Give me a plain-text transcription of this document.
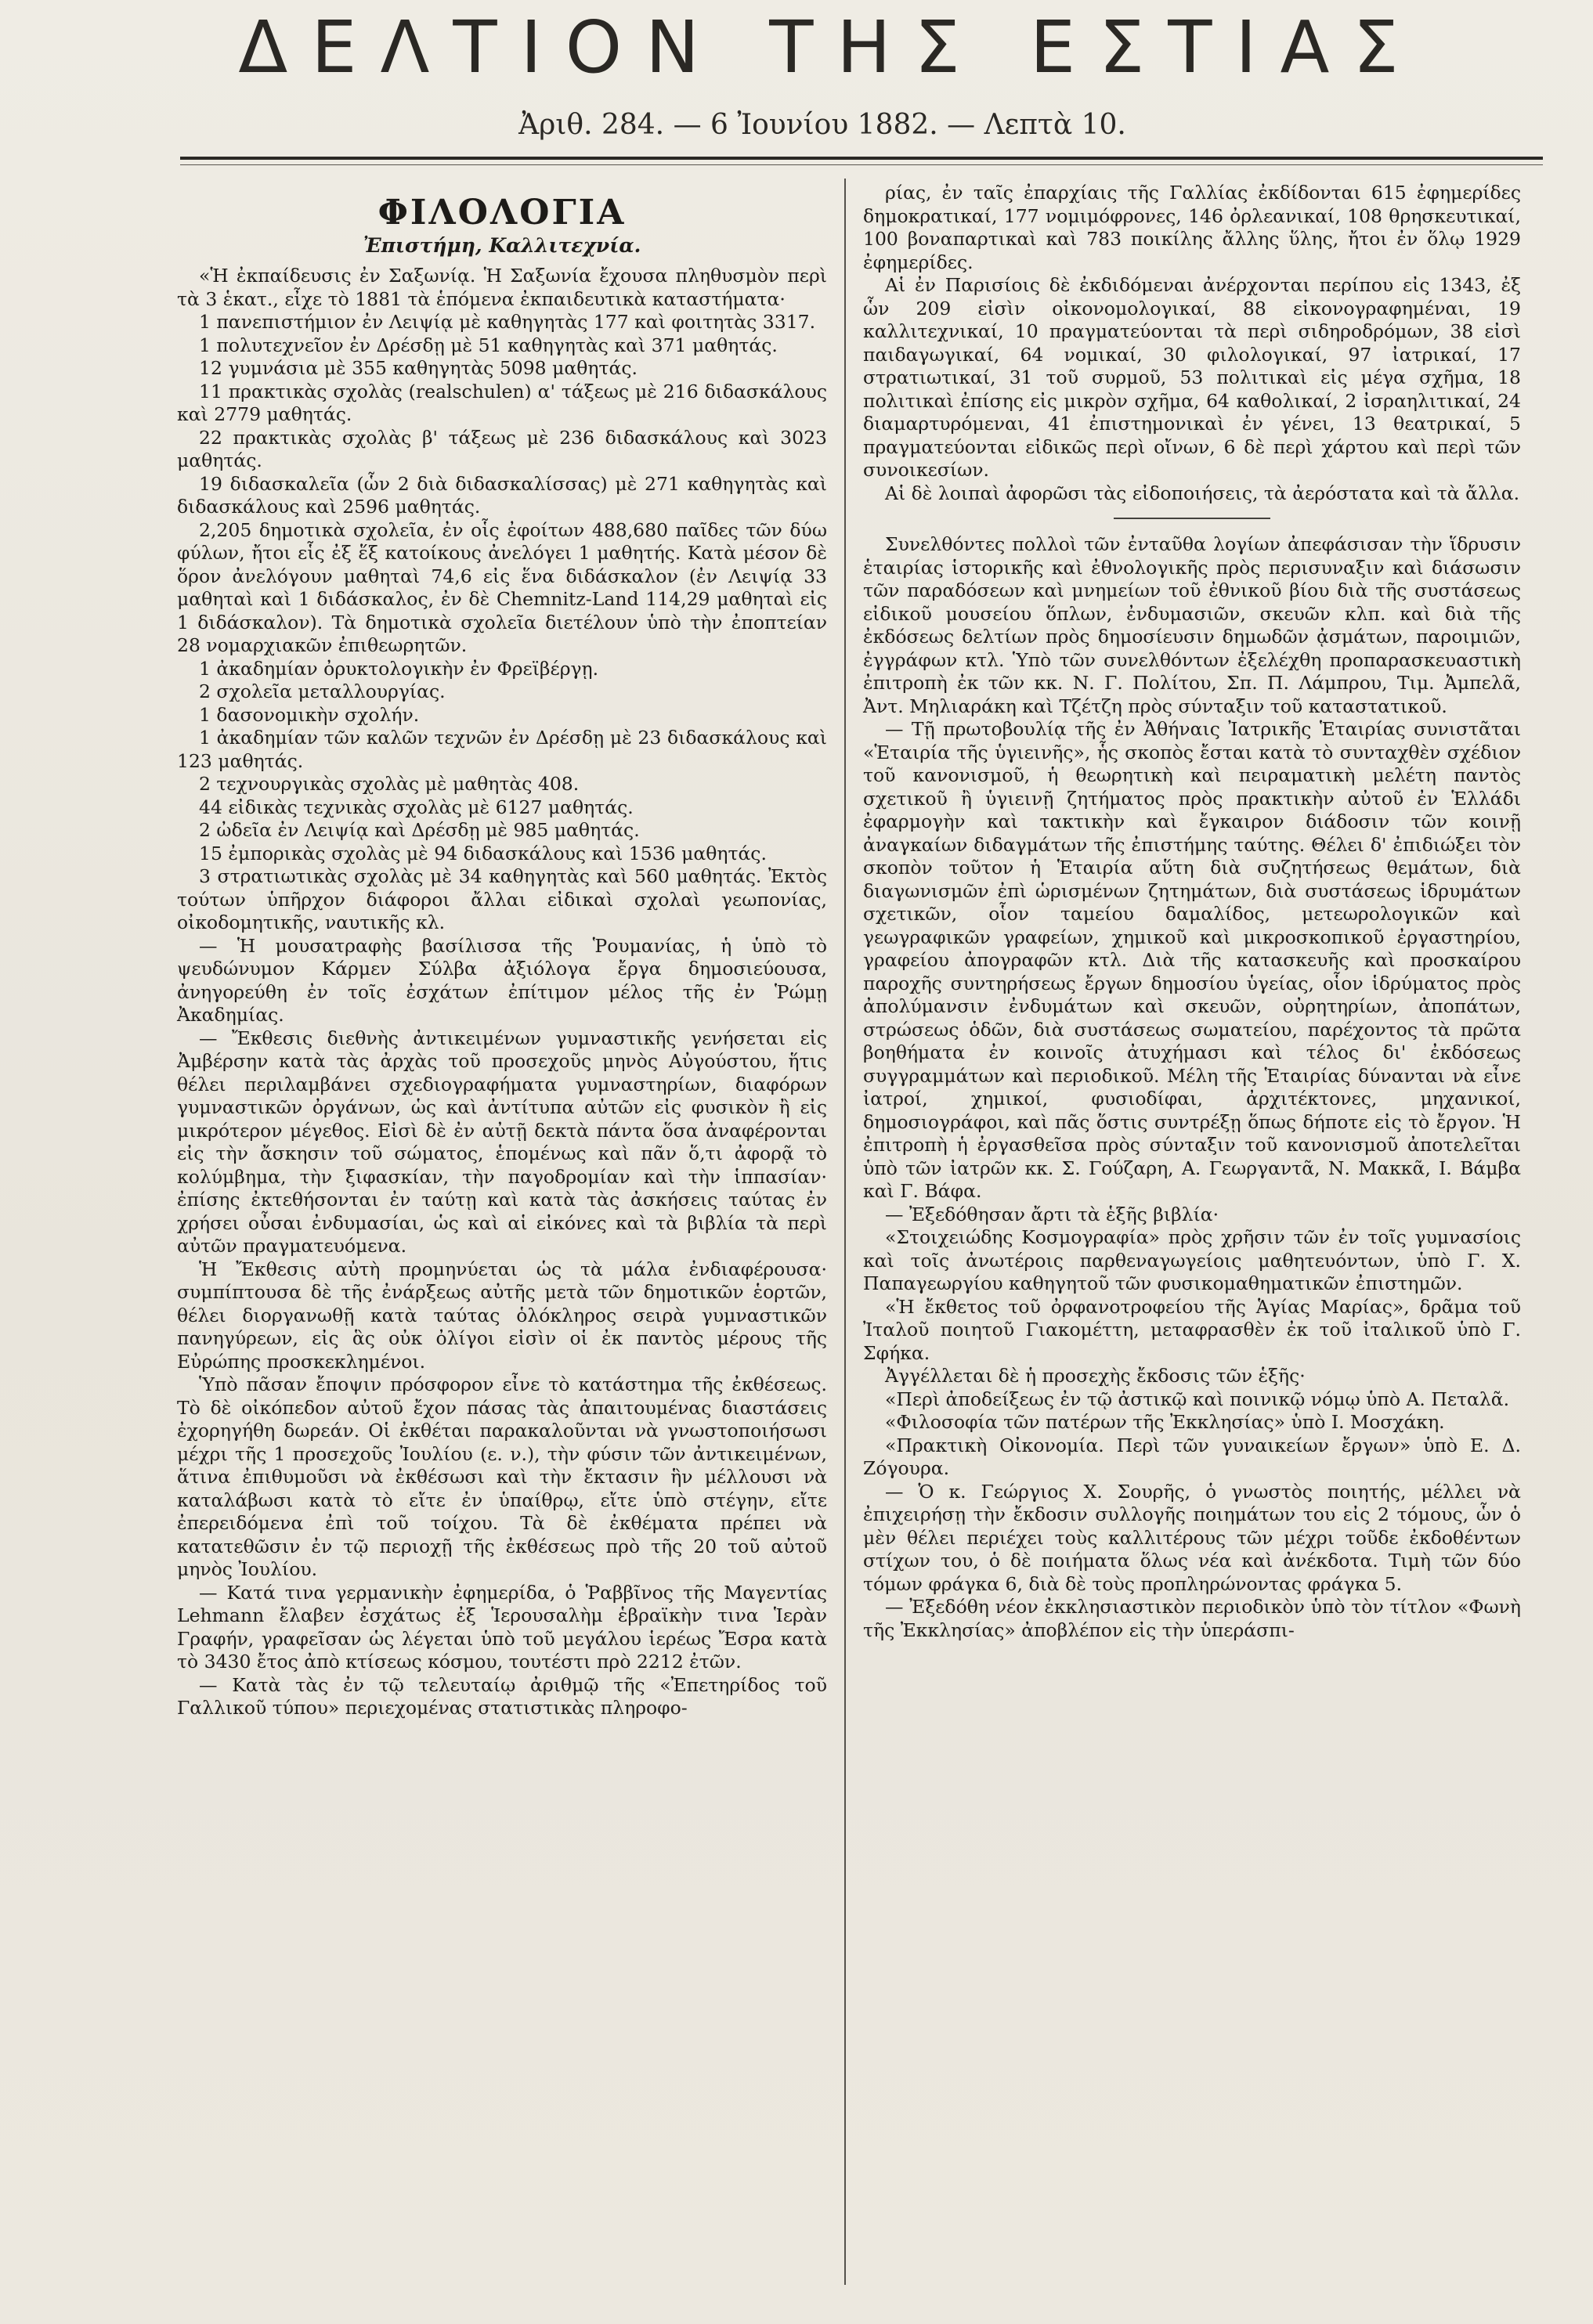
ΔΕΛΤΙΟΝ ΤΗΣ ΕΣΤΙΑΣ
Ἀριθ. 284. — 6 Ἰουνίου 1882. — Λεπτὰ 10.
ΦΙΛΟΛΟΓΙΑ
Ἐπιστήμη, Καλλιτεχνία.

«Ἡ ἐκπαίδευσις ἐν Σαξωνίᾳ. Ἡ Σαξωνία ἔχουσα πληθυσμὸν περὶ τὰ 3 ἑκατ., εἶχε τὸ 1881 τὰ ἑπόμενα ἐκπαιδευτικὰ καταστήματα·

1 πανεπιστήμιον ἐν Λειψίᾳ μὲ καθηγητὰς 177 καὶ φοιτητὰς 3317.

1 πολυτεχνεῖον ἐν Δρέσδῃ μὲ 51 καθηγητὰς καὶ 371 μαθητάς.

12 γυμνάσια μὲ 355 καθηγητὰς 5098 μαθητάς.

11 πρακτικὰς σχολὰς (realschulen) α' τάξεως μὲ 216 διδασκάλους καὶ 2779 μαθητάς.

22 πρακτικὰς σχολὰς β' τάξεως μὲ 236 διδασκάλους καὶ 3023 μαθητάς.

19 διδασκαλεῖα (ὧν 2 διὰ διδασκαλίσσας) μὲ 271 καθηγητὰς καὶ διδασκάλους καὶ 2596 μαθητάς.

2,205 δημοτικὰ σχολεῖα, ἐν οἷς ἐφοίτων 488,680 παῖδες τῶν δύω φύλων, ἤτοι εἷς ἐξ ἕξ κατοίκους ἀνελόγει 1 μαθητής. Κατὰ μέσον δὲ ὅρον ἀνελόγουν μαθηταὶ 74,6 εἰς ἕνα διδάσκαλον (ἐν Λειψίᾳ 33 μαθηταὶ καὶ 1 διδάσκαλος, ἐν δὲ Chemnitz-Land 114,29 μαθηταὶ εἰς 1 διδάσκαλον). Τὰ δημοτικὰ σχολεῖα διετέλουν ὑπὸ τὴν ἐποπτείαν 28 νομαρχιακῶν ἐπιθεωρητῶν.

1 ἀκαδημίαν ὀρυκτολογικὴν ἐν Φρεϊβέργῃ.

2 σχολεῖα μεταλλουργίας.

1 δασονομικὴν σχολήν.

1 ἀκαδημίαν τῶν καλῶν τεχνῶν ἐν Δρέσδῃ μὲ 23 διδασκάλους καὶ 123 μαθητάς.

2 τεχνουργικὰς σχολὰς μὲ μαθητὰς 408.

44 εἰδικὰς τεχνικὰς σχολὰς μὲ 6127 μαθητάς.

2 ὠδεῖα ἐν Λειψίᾳ καὶ Δρέσδῃ μὲ 985 μαθητάς.

15 ἐμπορικὰς σχολὰς μὲ 94 διδασκάλους καὶ 1536 μαθητάς.

3 στρατιωτικὰς σχολὰς μὲ 34 καθηγητὰς καὶ 560 μαθητάς. Ἐκτὸς τούτων ὑπῆρχον διάφοροι ἄλλαι εἰδικαὶ σχολαὶ γεωπονίας, οἰκοδομητικῆς, ναυτικῆς κλ.

— Ἡ μουσατραφὴς βασίλισσα τῆς Ῥουμανίας, ἡ ὑπὸ τὸ ψευδώνυμον Κάρμεν Σύλβα ἀξιόλογα ἔργα δημοσιεύουσα, ἀνηγορεύθη ἐν τοῖς ἐσχάτων ἐπίτιμον μέλος τῆς ἐν Ῥώμῃ Ἀκαδημίας.

— Ἔκθεσις διεθνὴς ἀντικειμένων γυμναστικῆς γενήσεται εἰς Ἀμβέρσην κατὰ τὰς ἀρχὰς τοῦ προσεχοῦς μηνὸς Αὐγούστου, ἥτις θέλει περιλαμβάνει σχεδιογραφήματα γυμναστηρίων, διαφόρων γυμναστικῶν ὀργάνων, ὡς καὶ ἀντίτυπα αὐτῶν εἰς φυσικὸν ἢ εἰς μικρότερον μέγεθος. Εἰσὶ δὲ ἐν αὐτῇ δεκτὰ πάντα ὅσα ἀναφέρονται εἰς τὴν ἄσκησιν τοῦ σώματος, ἑπομένως καὶ πᾶν ὅ,τι ἀφορᾷ τὸ κολύμβημα, τὴν ξιφασκίαν, τὴν παγοδρομίαν καὶ τὴν ἱππασίαν· ἐπίσης ἐκτεθήσονται ἐν ταύτῃ καὶ κατὰ τὰς ἀσκήσεις ταύτας ἐν χρήσει οὖσαι ἐνδυμασίαι, ὡς καὶ αἱ εἰκόνες καὶ τὰ βιβλία τὰ περὶ αὐτῶν πραγματευόμενα.

Ἡ Ἔκθεσις αὐτὴ προμηνύεται ὡς τὰ μάλα ἐνδιαφέρουσα· συμπίπτουσα δὲ τῆς ἐνάρξεως αὐτῆς μετὰ τῶν δημοτικῶν ἑορτῶν, θέλει διοργανωθῇ κατὰ ταύτας ὁλόκληρος σειρὰ γυμναστικῶν πανηγύρεων, εἰς ἃς οὐκ ὀλίγοι εἰσὶν οἱ ἐκ παντὸς μέρους τῆς Εὐρώπης προσκεκλημένοι.

Ὑπὸ πᾶσαν ἔποψιν πρόσφορον εἶνε τὸ κατάστημα τῆς ἐκθέσεως. Τὸ δὲ οἰκόπεδον αὐτοῦ ἔχον πάσας τὰς ἀπαιτουμένας διαστάσεις ἐχορηγήθη δωρεάν. Οἱ ἐκθέται παρακαλοῦνται νὰ γνωστοποιήσωσι μέχρι τῆς 1 προσεχοῦς Ἰουλίου (ε. ν.), τὴν φύσιν τῶν ἀντικειμένων, ἅτινα ἐπιθυμοῦσι νὰ ἐκθέσωσι καὶ τὴν ἔκτασιν ἣν μέλλουσι νὰ καταλάβωσι κατὰ τὸ εἴτε ἐν ὑπαίθρῳ, εἴτε ὑπὸ στέγην, εἴτε ἐπερειδόμενα ἐπὶ τοῦ τοίχου. Τὰ δὲ ἐκθέματα πρέπει νὰ κατατεθῶσιν ἐν τῷ περιοχῇ τῆς ἐκθέσεως πρὸ τῆς 20 τοῦ αὐτοῦ μηνὸς Ἰουλίου.

— Κατά τινα γερμανικὴν ἐφημερίδα, ὁ Ῥαββῖνος τῆς Μαγεντίας Lehmann ἔλαβεν ἐσχάτως ἐξ Ἱερουσαλὴμ ἑβραϊκὴν τινα Ἱερὰν Γραφήν, γραφεῖσαν ὡς λέγεται ὑπὸ τοῦ μεγάλου ἱερέως Ἔσρα κατὰ τὸ 3430 ἔτος ἀπὸ κτίσεως κόσμου, τουτέστι πρὸ 2212 ἐτῶν.

— Κατὰ τὰς ἐν τῷ τελευταίῳ ἀριθμῷ τῆς «Ἐπετηρίδος τοῦ Γαλλικοῦ τύπου» περιεχομένας στατιστικὰς πληροφο-

ρίας, ἐν ταῖς ἐπαρχίαις τῆς Γαλλίας ἐκδίδονται 615 ἐφημερίδες δημοκρατικαί, 177 νομιμόφρονες, 146 ὀρλεανικαί, 108 θρησκευτικαί, 100 βοναπαρτικαὶ καὶ 783 ποικίλης ἄλλης ὕλης, ἤτοι ἐν ὅλῳ 1929 ἐφημερίδες.

Αἱ ἐν Παρισίοις δὲ ἐκδιδόμεναι ἀνέρχονται περίπου εἰς 1343, ἐξ ὧν 209 εἰσὶν οἰκονομολογικαί, 88 εἰκονογραφημέναι, 19 καλλιτεχνικαί, 10 πραγματεύονται τὰ περὶ σιδηροδρόμων, 38 εἰσὶ παιδαγωγικαί, 64 νομικαί, 30 φιλολογικαί, 97 ἰατρικαί, 17 στρατιωτικαί, 31 τοῦ συρμοῦ, 53 πολιτικαὶ εἰς μέγα σχῆμα, 18 πολιτικαὶ ἐπίσης εἰς μικρὸν σχῆμα, 64 καθολικαί, 2 ἰσραηλιτικαί, 24 διαμαρτυρόμεναι, 41 ἐπιστημονικαὶ ἐν γένει, 13 θεατρικαί, 5 πραγματεύονται εἰδικῶς περὶ οἴνων, 6 δὲ περὶ χάρτου καὶ περὶ τῶν συνοικεσίων.

Αἱ δὲ λοιπαὶ ἀφορῶσι τὰς εἰδοποιήσεις, τὰ ἀερόστατα καὶ τὰ ἄλλα.

Συνελθόντες πολλοὶ τῶν ἐνταῦθα λογίων ἀπεφάσισαν τὴν ἵδρυσιν ἑταιρίας ἱστορικῆς καὶ ἐθνολογικῆς πρὸς περισυναξιν καὶ διάσωσιν τῶν παραδόσεων καὶ μνημείων τοῦ ἐθνικοῦ βίου διὰ τῆς συστάσεως εἰδικοῦ μουσείου ὅπλων, ἐνδυμασιῶν, σκευῶν κλπ. καὶ διὰ τῆς ἐκδόσεως δελτίων πρὸς δημοσίευσιν δημωδῶν ᾀσμάτων, παροιμιῶν, ἐγγράφων κτλ. Ὑπὸ τῶν συνελθόντων ἐξελέχθη προπαρασκευαστικὴ ἐπιτροπὴ ἐκ τῶν κκ. Ν. Γ. Πολίτου, Σπ. Π. Λάμπρου, Τιμ. Ἀμπελᾶ, Ἀντ. Μηλιαράκη καὶ Τζέτζη πρὸς σύνταξιν τοῦ καταστατικοῦ.

— Τῇ πρωτοβουλίᾳ τῆς ἐν Ἀθήναις Ἰατρικῆς Ἑταιρίας συνιστᾶται «Ἑταιρία τῆς ὑγιεινῆς», ἧς σκοπὸς ἔσται κατὰ τὸ συνταχθὲν σχέδιον τοῦ κανονισμοῦ, ἡ θεωρητικὴ καὶ πειραματικὴ μελέτη παντὸς σχετικοῦ ἢ ὑγιεινῇ ζητήματος πρὸς πρακτικὴν αὐτοῦ ἐν Ἑλλάδι ἐφαρμογὴν καὶ τακτικὴν καὶ ἔγκαιρον διάδοσιν τῶν κοινῇ ἀναγκαίων διδαγμάτων τῆς ἐπιστήμης ταύτης. Θέλει δ' ἐπιδιώξει τὸν σκοπὸν τοῦτον ἡ Ἑταιρία αὕτη διὰ συζητήσεως θεμάτων, διὰ διαγωνισμῶν ἐπὶ ὡρισμένων ζητημάτων, διὰ συστάσεως ἱδρυμάτων σχετικῶν, οἷον ταμείου δαμαλίδος, μετεωρολογικῶν καὶ γεωγραφικῶν γραφείων, χημικοῦ καὶ μικροσκοπικοῦ ἐργαστηρίου, γραφείου ἀπογραφῶν κτλ. Διὰ τῆς κατασκευῆς καὶ προσκαίρου παροχῆς συντηρήσεως ἔργων δημοσίου ὑγείας, οἷον ἱδρύματος πρὸς ἀπολύμανσιν ἐνδυμάτων καὶ σκευῶν, οὐρητηρίων, ἀποπάτων, στρώσεως ὁδῶν, διὰ συστάσεως σωματείου, παρέχοντος τὰ πρῶτα βοηθήματα ἐν κοινοῖς ἀτυχήμασι καὶ τέλος δι' ἐκδόσεως συγγραμμάτων καὶ περιοδικοῦ. Μέλη τῆς Ἑταιρίας δύνανται νὰ εἶνε ἰατροί, χημικοί, φυσιοδίφαι, ἀρχιτέκτονες, μηχανικοί, δημοσιογράφοι, καὶ πᾶς ὅστις συντρέξῃ ὅπως δήποτε εἰς τὸ ἔργον. Ἡ ἐπιτροπὴ ἡ ἐργασθεῖσα πρὸς σύνταξιν τοῦ κανονισμοῦ ἀποτελεῖται ὑπὸ τῶν ἰατρῶν κκ. Σ. Γούζαρη, Α. Γεωργαντᾶ, Ν. Μακκᾶ, Ι. Βάμβα καὶ Γ. Βάφα.

— Ἐξεδόθησαν ἄρτι τὰ ἑξῆς βιβλία·

«Στοιχειώδης Κοσμογραφία» πρὸς χρῆσιν τῶν ἐν τοῖς γυμνασίοις καὶ τοῖς ἀνωτέροις παρθεναγωγείοις μαθητευόντων, ὑπὸ Γ. Χ. Παπαγεωργίου καθηγητοῦ τῶν φυσικομαθηματικῶν ἐπιστημῶν.

«Ἡ ἔκθετος τοῦ ὀρφανοτροφείου τῆς Ἁγίας Μαρίας», δρᾶμα τοῦ Ἰταλοῦ ποιητοῦ Γιακομέττη, μεταφρασθὲν ἐκ τοῦ ἰταλικοῦ ὑπὸ Γ. Σφήκα.

Ἀγγέλλεται δὲ ἡ προσεχὴς ἔκδοσις τῶν ἑξῆς·

«Περὶ ἀποδείξεως ἐν τῷ ἀστικῷ καὶ ποινικῷ νόμῳ ὑπὸ Α. Πεταλᾶ.

«Φιλοσοφία τῶν πατέρων τῆς Ἐκκλησίας» ὑπὸ Ι. Μοσχάκη.

«Πρακτικὴ Οἰκονομία. Περὶ τῶν γυναικείων ἔργων» ὑπὸ Ε. Δ. Ζόγουρα.

— Ὁ κ. Γεώργιος Χ. Σουρῆς, ὁ γνωστὸς ποιητής, μέλλει νὰ ἐπιχειρήσῃ τὴν ἔκδοσιν συλλογῆς ποιημάτων του εἰς 2 τόμους, ὧν ὁ μὲν θέλει περιέχει τοὺς καλλιτέρους τῶν μέχρι τοῦδε ἐκδοθέντων στίχων του, ὁ δὲ ποιήματα ὅλως νέα καὶ ἀνέκδοτα. Τιμὴ τῶν δύο τόμων φράγκα 6, διὰ δὲ τοὺς προπληρώνοντας φράγκα 5.

— Ἐξεδόθη νέον ἐκκλησιαστικὸν περιοδικὸν ὑπὸ τὸν τίτλον «Φωνὴ τῆς Ἐκκλησίας» ἀποβλέπον εἰς τὴν ὑπεράσπι-
